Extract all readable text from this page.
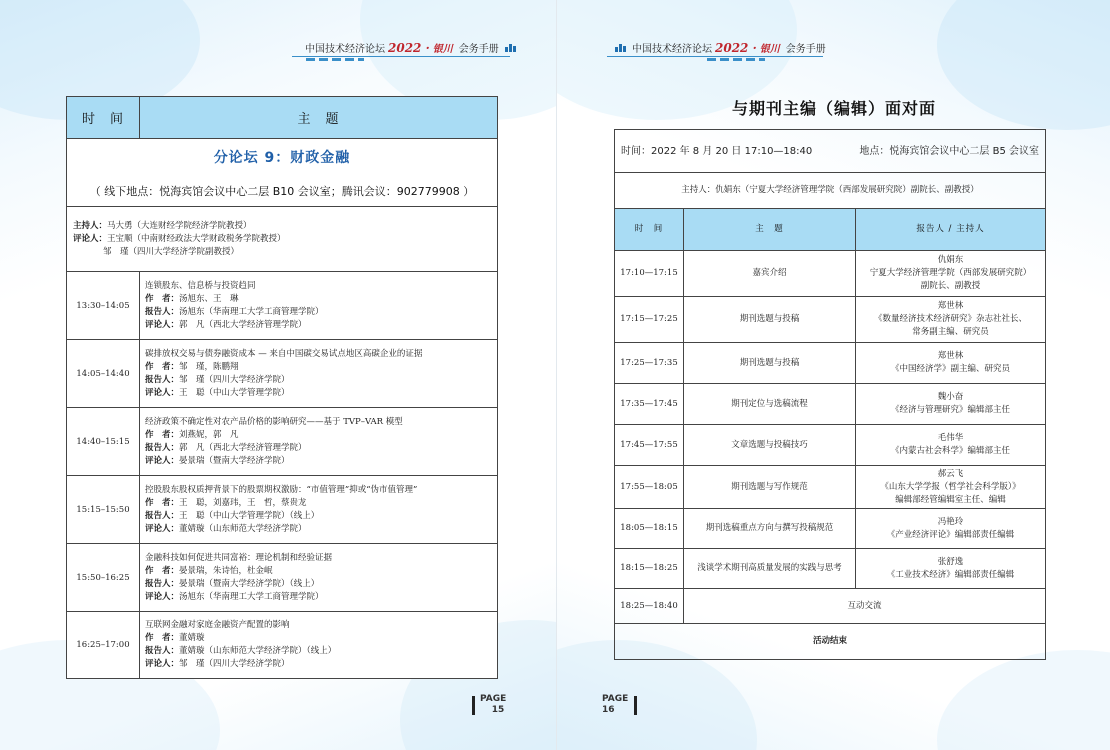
中国技术经济论坛 2022 · 银川 会务手册
时　间	主　题

分论坛 9：财政金融
（ 线下地点：悦海宾馆会议中心二层 B10 会议室；腾讯会议：902779908 ）	

主持人：马大勇（大连财经学院经济学院教授）
评论人：王宝顺（中南财经政法大学财政税务学院教授）
邹　瑾（四川大学经济学院副教授）	

13:30–14:05	连锁股东、信息桥与投资趋同
作　者：汤旭东、王　琳
报告人：汤旭东（华南理工大学工商管理学院）
评论人：郭　凡（西北大学经济管理学院）

14:05–14:40	碳排放权交易与债券融资成本 — 来自中国碳交易试点地区高碳企业的证据
作　者：邹　瑾，陈鹏翔
报告人：邹　瑾（四川大学经济学院）
评论人：王　聪（中山大学管理学院）

14:40–15:15	经济政策不确定性对农产品价格的影响研究——基于 TVP–VAR 模型
作　者：刘燕妮，郭　凡
报告人：郭　凡（西北大学经济管理学院）
评论人：晏景瑞（暨南大学经济学院）

15:15–15:50	控股股东股权质押背景下的股票期权激励：“市值管理”抑或“伪市值管理”
作　者：王　聪，刘嘉玮，王　哲，蔡贵龙
报告人：王　聪（中山大学管理学院）（线上）
评论人：董婧璇（山东师范大学经济学院）

15:50–16:25	金融科技如何促进共同富裕：理论机制和经验证据
作　者：晏景瑞，朱诗怡，杜金岷
报告人：晏景瑞（暨南大学经济学院）（线上）
评论人：汤旭东（华南理工大学工商管理学院）

16:25–17:00	互联网金融对家庭金融资产配置的影响
作　者：董婧璇
报告人：董婧璇（山东师范大学经济学院）（线上）
评论人：邹　瑾（四川大学经济学院）
PAGE
15
中国技术经济论坛 2022 · 银川 会务手册
与期刊主编（编辑）面对面
时间：2022 年 8 月 20 日 17:10—18:40 地点：悦海宾馆会议中心二层 B5 会议室		

主持人：仇娟东（宁夏大学经济管理学院（西部发展研究院）副院长、副教授）		
时　间	主　题	报告人 / 主持人
17:10—17:15	嘉宾介绍	仇娟东
宁夏大学经济管理学院（西部发展研究院）
副院长、副教授

17:15—17:25	期刊选题与投稿	郑世林
《数量经济技术经济研究》杂志社社长、
常务副主编、研究员

17:25—17:35	期刊选题与投稿	郑世林
《中国经济学》副主编、研究员

17:35—17:45	期刊定位与选稿流程	魏小奋
《经济与管理研究》编辑部主任

17:45—17:55	文章选题与投稿技巧	毛伟华
《内蒙古社会科学》编辑部主任

17:55—18:05	期刊选题与写作规范	郝云飞
《山东大学学报（哲学社会科学版）》
编辑部经管编辑室主任、编辑

18:05—18:15	期刊选稿重点方向与撰写投稿规范	冯艳玲
《产业经济评论》编辑部责任编辑

18:15—18:25	浅谈学术期刊高质量发展的实践与思考	张舒逸
《工业技术经济》编辑部责任编辑

18:25—18:40	互动交流	
活动结束		
PAGE
16
